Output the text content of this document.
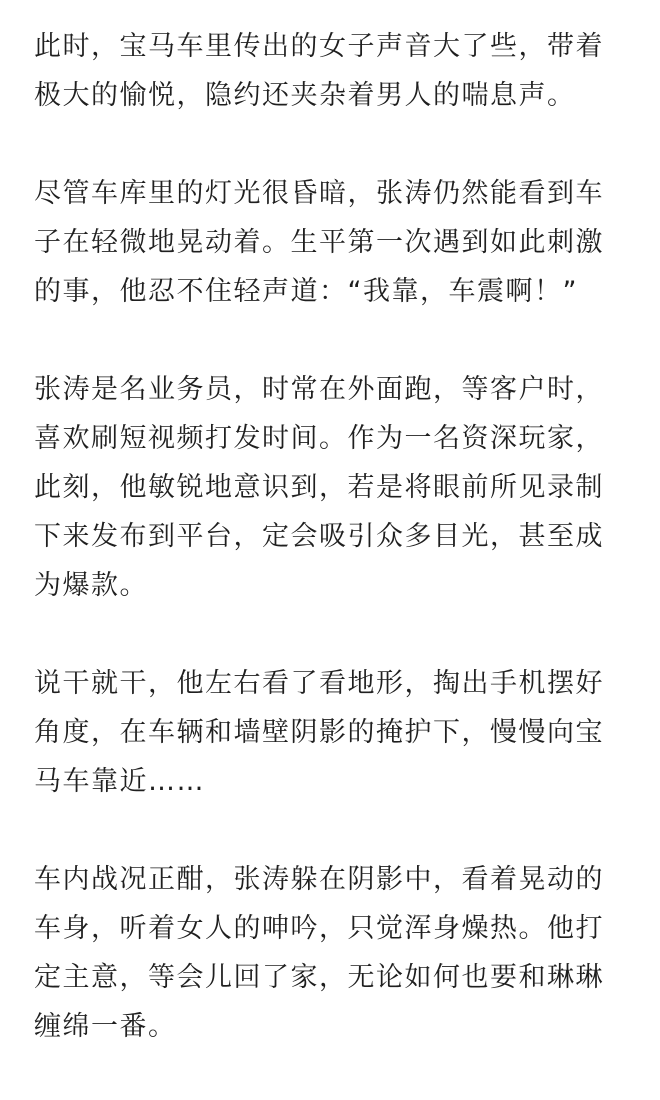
此时，宝马车里传出的女子声音大了些，带着
极大的愉悦，隐约还夹杂着男人的喘息声。

尽管车库里的灯光很昏暗，张涛仍然能看到车
子在轻微地晃动着。生平第一次遇到如此刺激
的事，他忍不住轻声道：“我靠，车震啊！”

张涛是名业务员，时常在外面跑，等客户时，
喜欢刷短视频打发时间。作为一名资深玩家，
此刻，他敏锐地意识到，若是将眼前所见录制
下来发布到平台，定会吸引众多目光，甚至成
为爆款。

说干就干，他左右看了看地形，掏出手机摆好
角度，在车辆和墙壁阴影的掩护下，慢慢向宝
马车靠近……

车内战况正酣，张涛躲在阴影中，看着晃动的
车身，听着女人的呻吟，只觉浑身燥热。他打
定主意，等会儿回了家，无论如何也要和琳琳
缠绵一番。
